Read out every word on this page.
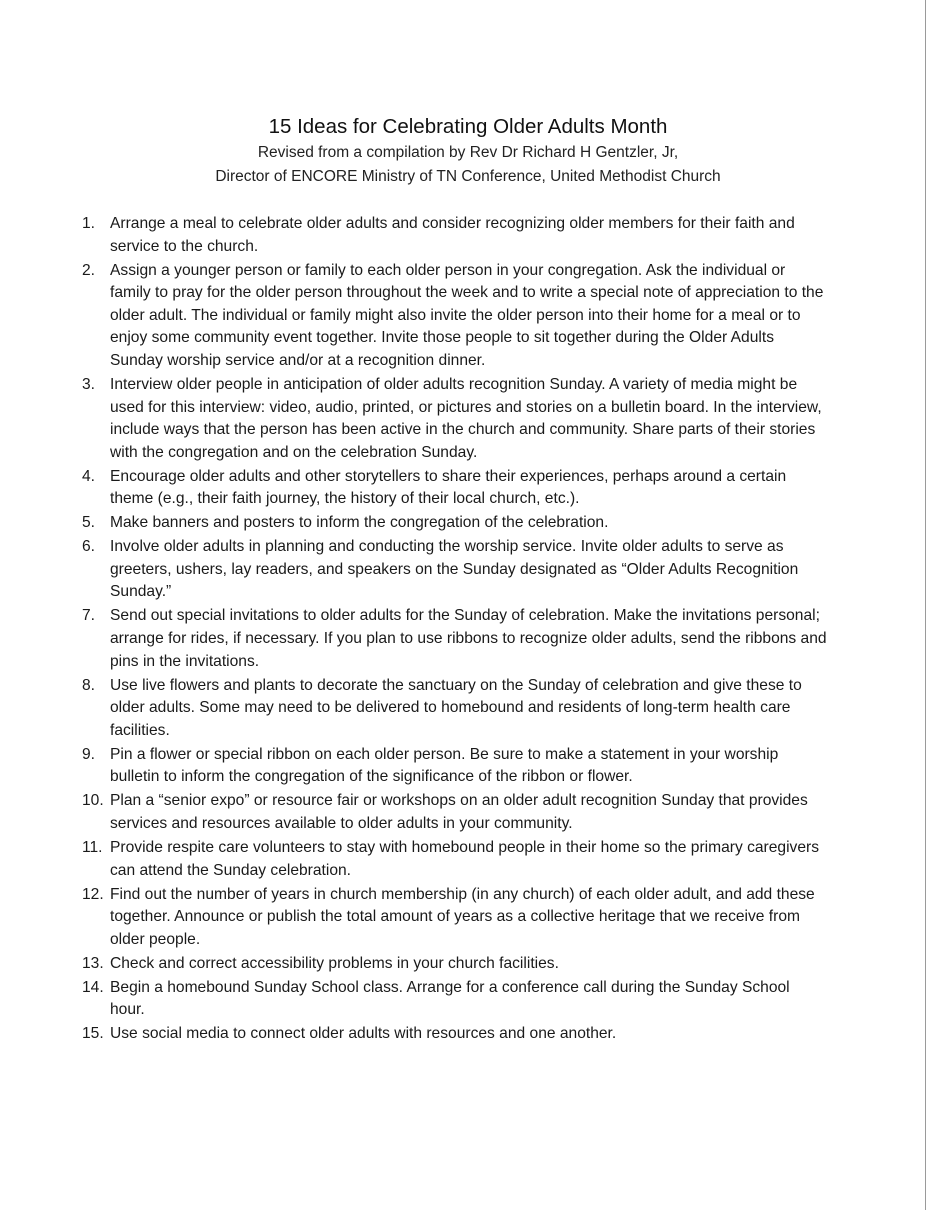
15 Ideas for Celebrating Older Adults Month

Revised from a compilation by Rev Dr Richard H Gentzler, Jr,

Director of ENCORE Ministry of TN Conference, United Methodist Church

1. Arrange a meal to celebrate older adults and consider recognizing older members for their faith and service to the church.
2. Assign a younger person or family to each older person in your congregation. Ask the individual or family to pray for the older person throughout the week and to write a special note of appreciation to the older adult. The individual or family might also invite the older person into their home for a meal or to enjoy some community event together. Invite those people to sit together during the Older Adults Sunday worship service and/or at a recognition dinner.
3. Interview older people in anticipation of older adults recognition Sunday. A variety of media might be used for this interview: video, audio, printed, or pictures and stories on a bulletin board. In the interview, include ways that the person has been active in the church and community. Share parts of their stories with the congregation and on the celebration Sunday.
4. Encourage older adults and other storytellers to share their experiences, perhaps around a certain theme (e.g., their faith journey, the history of their local church, etc.).
5. Make banners and posters to inform the congregation of the celebration.
6. Involve older adults in planning and conducting the worship service. Invite older adults to serve as greeters, ushers, lay readers, and speakers on the Sunday designated as “Older Adults Recognition Sunday.”
7. Send out special invitations to older adults for the Sunday of celebration. Make the invitations personal; arrange for rides, if necessary. If you plan to use ribbons to recognize older adults, send the ribbons and pins in the invitations.
8. Use live flowers and plants to decorate the sanctuary on the Sunday of celebration and give these to older adults. Some may need to be delivered to homebound and residents of long-term health care facilities.
9. Pin a flower or special ribbon on each older person. Be sure to make a statement in your worship bulletin to inform the congregation of the significance of the ribbon or flower.
10. Plan a “senior expo” or resource fair or workshops on an older adult recognition Sunday that provides services and resources available to older adults in your community.
11. Provide respite care volunteers to stay with homebound people in their home so the primary caregivers can attend the Sunday celebration.
12. Find out the number of years in church membership (in any church) of each older adult, and add these together. Announce or publish the total amount of years as a collective heritage that we receive from older people.
13. Check and correct accessibility problems in your church facilities.
14. Begin a homebound Sunday School class. Arrange for a conference call during the Sunday School hour.
15. Use social media to connect older adults with resources and one another.
